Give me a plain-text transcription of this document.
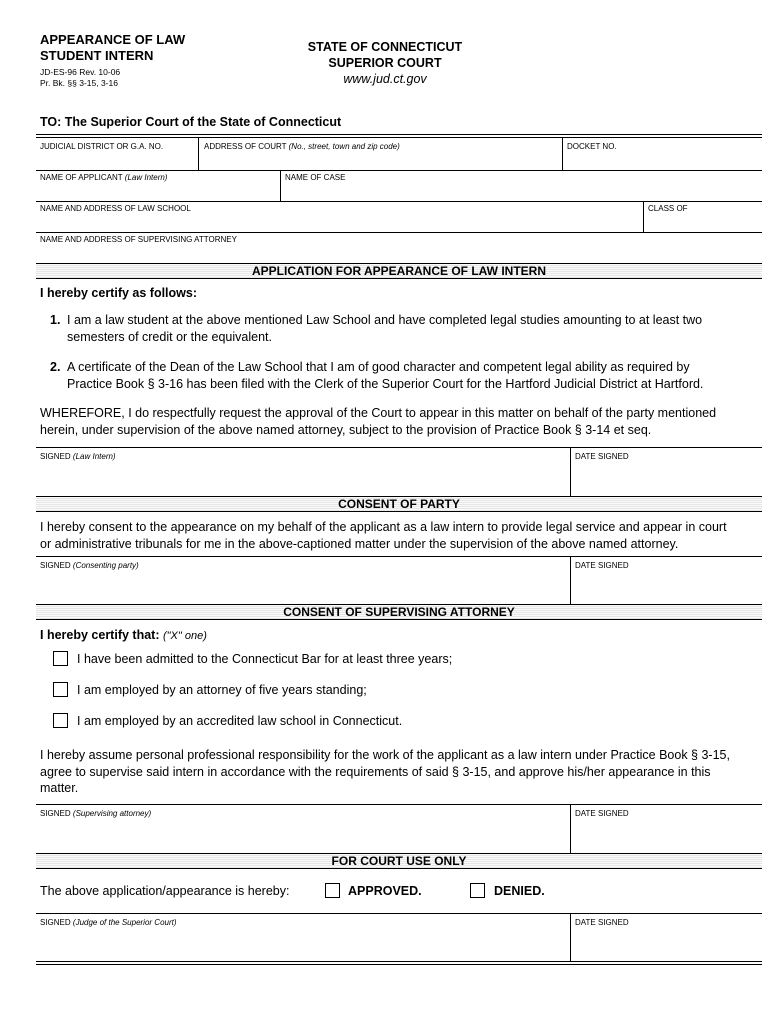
APPEARANCE OF LAW
STUDENT INTERN
JD-ES-96 Rev. 10-06
Pr. Bk. §§ 3-15, 3-16
STATE OF CONNECTICUT
SUPERIOR COURT
www.jud.ct.gov
TO: The Superior Court of the State of Connecticut
JUDICIAL DISTRICT OR G.A. NO.	ADDRESS OF COURT (No., street, town and zip code)	DOCKET NO.
NAME OF APPLICANT (Law Intern)	NAME OF CASE
NAME AND ADDRESS OF LAW SCHOOL	CLASS OF
NAME AND ADDRESS OF SUPERVISING ATTORNEY
APPLICATION FOR APPEARANCE OF LAW INTERN
I hereby certify as follows:
1. I am a law student at the above mentioned Law School and have completed legal studies amounting to at least two
semesters of credit or the equivalent.
2. A certificate of the Dean of the Law School that I am of good character and competent legal ability as required by
Practice Book § 3-16 has been filed with the Clerk of the Superior Court for the Hartford Judicial District at Hartford.
WHEREFORE, I do respectfully request the approval of the Court to appear in this matter on behalf of the party mentioned
herein, under supervision of the above named attorney, subject to the provision of Practice Book § 3-14 et seq.
SIGNED (Law Intern)	DATE SIGNED
CONSENT OF PARTY
I hereby consent to the appearance on my behalf of the applicant as a law intern to provide legal service and appear in court
or administrative tribunals for me in the above-captioned matter under the supervision of the above named attorney.
SIGNED (Consenting party)	DATE SIGNED
CONSENT OF SUPERVISING ATTORNEY
I hereby certify that: ("X" one)
I have been admitted to the Connecticut Bar for at least three years;
I am employed by an attorney of five years standing;
I am employed by an accredited law school in Connecticut.
I hereby assume personal professional responsibility for the work of the applicant as a law intern under Practice Book § 3-15,
agree to supervise said intern in accordance with the requirements of said § 3-15, and approve his/her appearance in this
matter.
SIGNED (Supervising attorney)	DATE SIGNED
FOR COURT USE ONLY
The above application/appearance is hereby:	APPROVED.	DENIED.
SIGNED (Judge of the Superior Court)	DATE SIGNED
